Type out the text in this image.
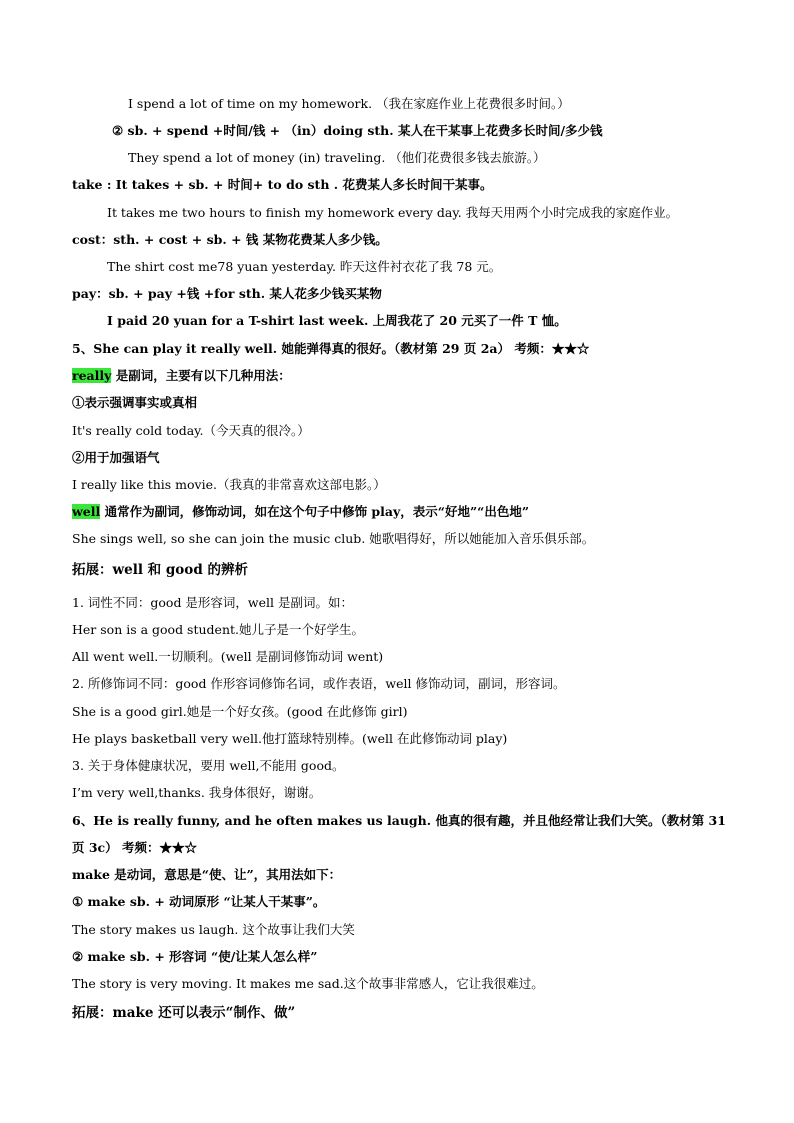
I spend a lot of time on my homework. （我在家庭作业上花费很多时间。）
② sb. + spend +时间/钱 + （in）doing sth. 某人在干某事上花费多长时间/多少钱
They spend a lot of money (in) traveling. （他们花费很多钱去旅游。）
take : It takes + sb. + 时间+ to do sth . 花费某人多长时间干某事。
It takes me two hours to finish my homework every day. 我每天用两个小时完成我的家庭作业。
cost：sth. + cost + sb. + 钱 某物花费某人多少钱。
The shirt cost me78 yuan yesterday. 昨天这件衬衣花了我 78 元。
pay：sb. + pay +钱 +for sth. 某人花多少钱买某物
I paid 20 yuan for a T-shirt last week. 上周我花了 20 元买了一件 T 恤。
5、She can play it really well. 她能弹得真的很好。（教材第 29 页 2a） 考频：★★☆
really 是副词，主要有以下几种用法：
①表示强调事实或真相
It's really cold today.（今天真的很冷。）
②用于加强语气
I really like this movie.（我真的非常喜欢这部电影。）
well 通常作为副词，修饰动词，如在这个句子中修饰 play，表示“好地”“出色地”
She sings well, so she can join the music club. 她歌唱得好，所以她能加入音乐俱乐部。
拓展：well 和 good 的辨析
1. 词性不同：good 是形容词，well 是副词。如：
Her son is a good student.她儿子是一个好学生。
All went well.一切顺利。(well 是副词修饰动词 went)
2. 所修饰词不同：good 作形容词修饰名词，或作表语，well 修饰动词，副词，形容词。
She is a good girl.她是一个好女孩。(good 在此修饰 girl)
He plays basketball very well.他打篮球特别棒。(well 在此修饰动词 play)
3. 关于身体健康状况，要用 well,不能用 good。
I’m very well,thanks. 我身体很好，谢谢。
6、He is really funny, and he often makes us laugh. 他真的很有趣，并且他经常让我们大笑。（教材第 31
页 3c） 考频：★★☆
make 是动词，意思是“使、让”，其用法如下：
① make sb. + 动词原形 “让某人干某事”。
The story makes us laugh. 这个故事让我们大笑
② make sb. + 形容词 “使/让某人怎么样”
The story is very moving. It makes me sad.这个故事非常感人，它让我很难过。
拓展：make 还可以表示“制作、做”
